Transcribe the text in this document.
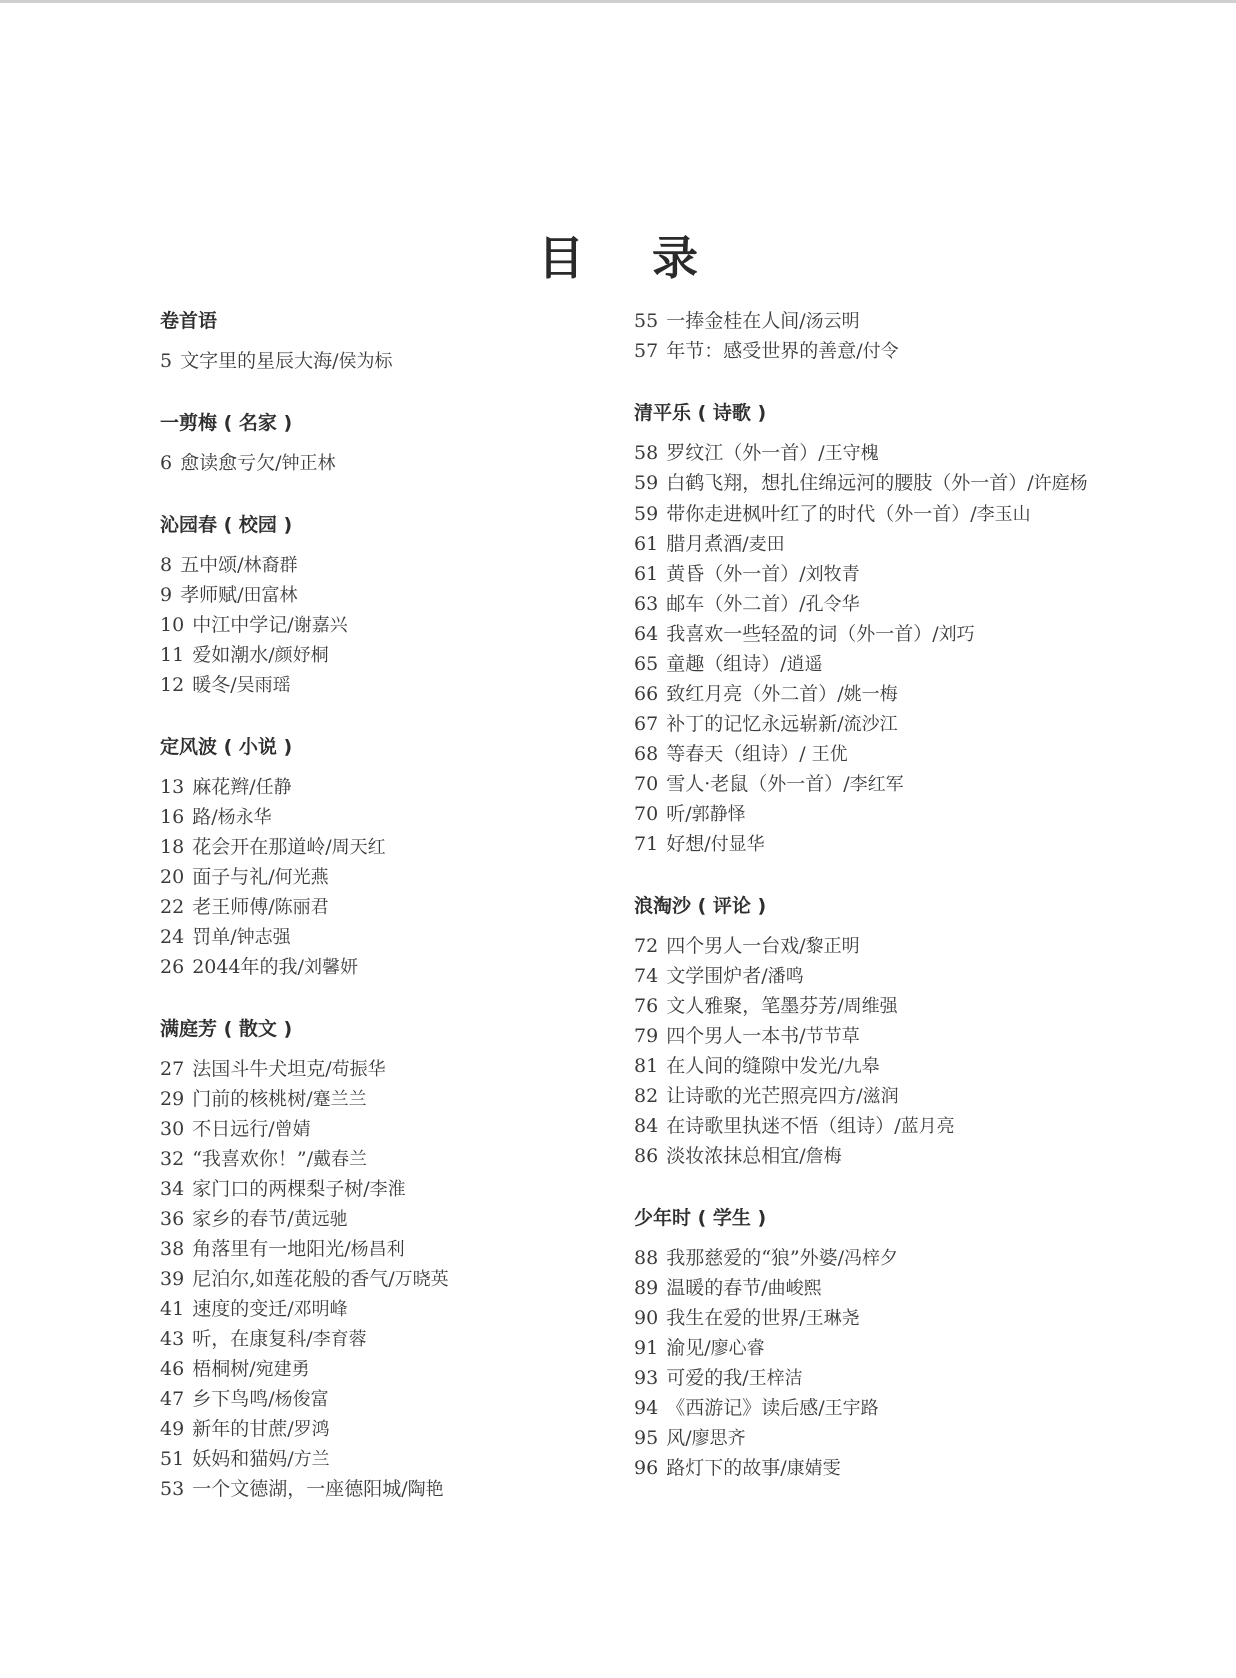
目 录
卷首语
5 文字里的星辰大海/侯为标
一剪梅 ( 名家 )
6 愈读愈亏欠/钟正林
沁园春 ( 校园 )
8 五中颂/林裔群
9 孝师赋/田富林
10 中江中学记/谢嘉兴
11 爱如潮水/颜妤桐
12 暖冬/吴雨瑶
定风波 ( 小说 )
13 麻花辫/任静
16 路/杨永华
18 花会开在那道岭/周天红
20 面子与礼/何光燕
22 老王师傅/陈丽君
24 罚单/钟志强
26 2044年的我/刘馨妍
满庭芳 ( 散文 )
27 法国斗牛犬坦克/苟振华
29 门前的核桃树/蹇兰兰
30 不日远行/曾婧
32 “我喜欢你！”/戴春兰
34 家门口的两棵梨子树/李淮
36 家乡的春节/黄远驰
38 角落里有一地阳光/杨昌利
39 尼泊尔,如莲花般的香气/万晓英
41 速度的变迁/邓明峰
43 听，在康复科/李育蓉
46 梧桐树/宛建勇
47 乡下鸟鸣/杨俊富
49 新年的甘蔗/罗鸿
51 妖妈和猫妈/方兰
53 一个文德湖，一座德阳城/陶艳
55 一捧金桂在人间/汤云明
57 年节：感受世界的善意/付令
清平乐 ( 诗歌 )
58 罗纹江（外一首）/王守槐
59 白鹤飞翔，想扎住绵远河的腰肢（外一首）/许庭杨
59 带你走进枫叶红了的时代（外一首）/李玉山
61 腊月煮酒/麦田
61 黄昏（外一首）/刘牧青
63 邮车（外二首）/孔令华
64 我喜欢一些轻盈的词（外一首）/刘巧
65 童趣（组诗）/逍遥
66 致红月亮（外二首）/姚一梅
67 补丁的记忆永远崭新/流沙江
68 等春天（组诗）/ 王优
70 雪人·老鼠（外一首）/李红军
70 听/郭静怿
71 好想/付显华
浪淘沙 ( 评论 )
72 四个男人一台戏/黎正明
74 文学围炉者/潘鸣
76 文人雅聚，笔墨芬芳/周维强
79 四个男人一本书/节节草
81 在人间的缝隙中发光/九皋
82 让诗歌的光芒照亮四方/滋润
84 在诗歌里执迷不悟（组诗）/蓝月亮
86 淡妆浓抹总相宜/詹梅
少年时 ( 学生 )
88 我那慈爱的“狼”外婆/冯梓夕
89 温暖的春节/曲峻熙
90 我生在爱的世界/王琳尧
91 渝见/廖心睿
93 可爱的我/王梓洁
94 《西游记》读后感/王宇路
95 风/廖思齐
96 路灯下的故事/康婧雯
